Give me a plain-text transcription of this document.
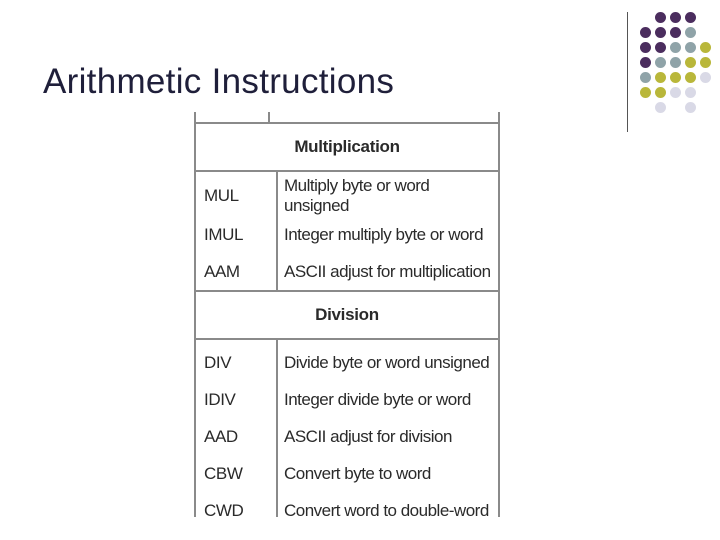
Arithmetic Instructions
Multiplication	
MUL	Multiply byte or word unsigned
IMUL	Integer multiply byte or word
AAM	ASCII adjust for multiplication
Division	
DIV	Divide byte or word unsigned
IDIV	Integer divide byte or word
AAD	ASCII adjust for division
CBW	Convert byte to word
CWD	Convert word to double-word
